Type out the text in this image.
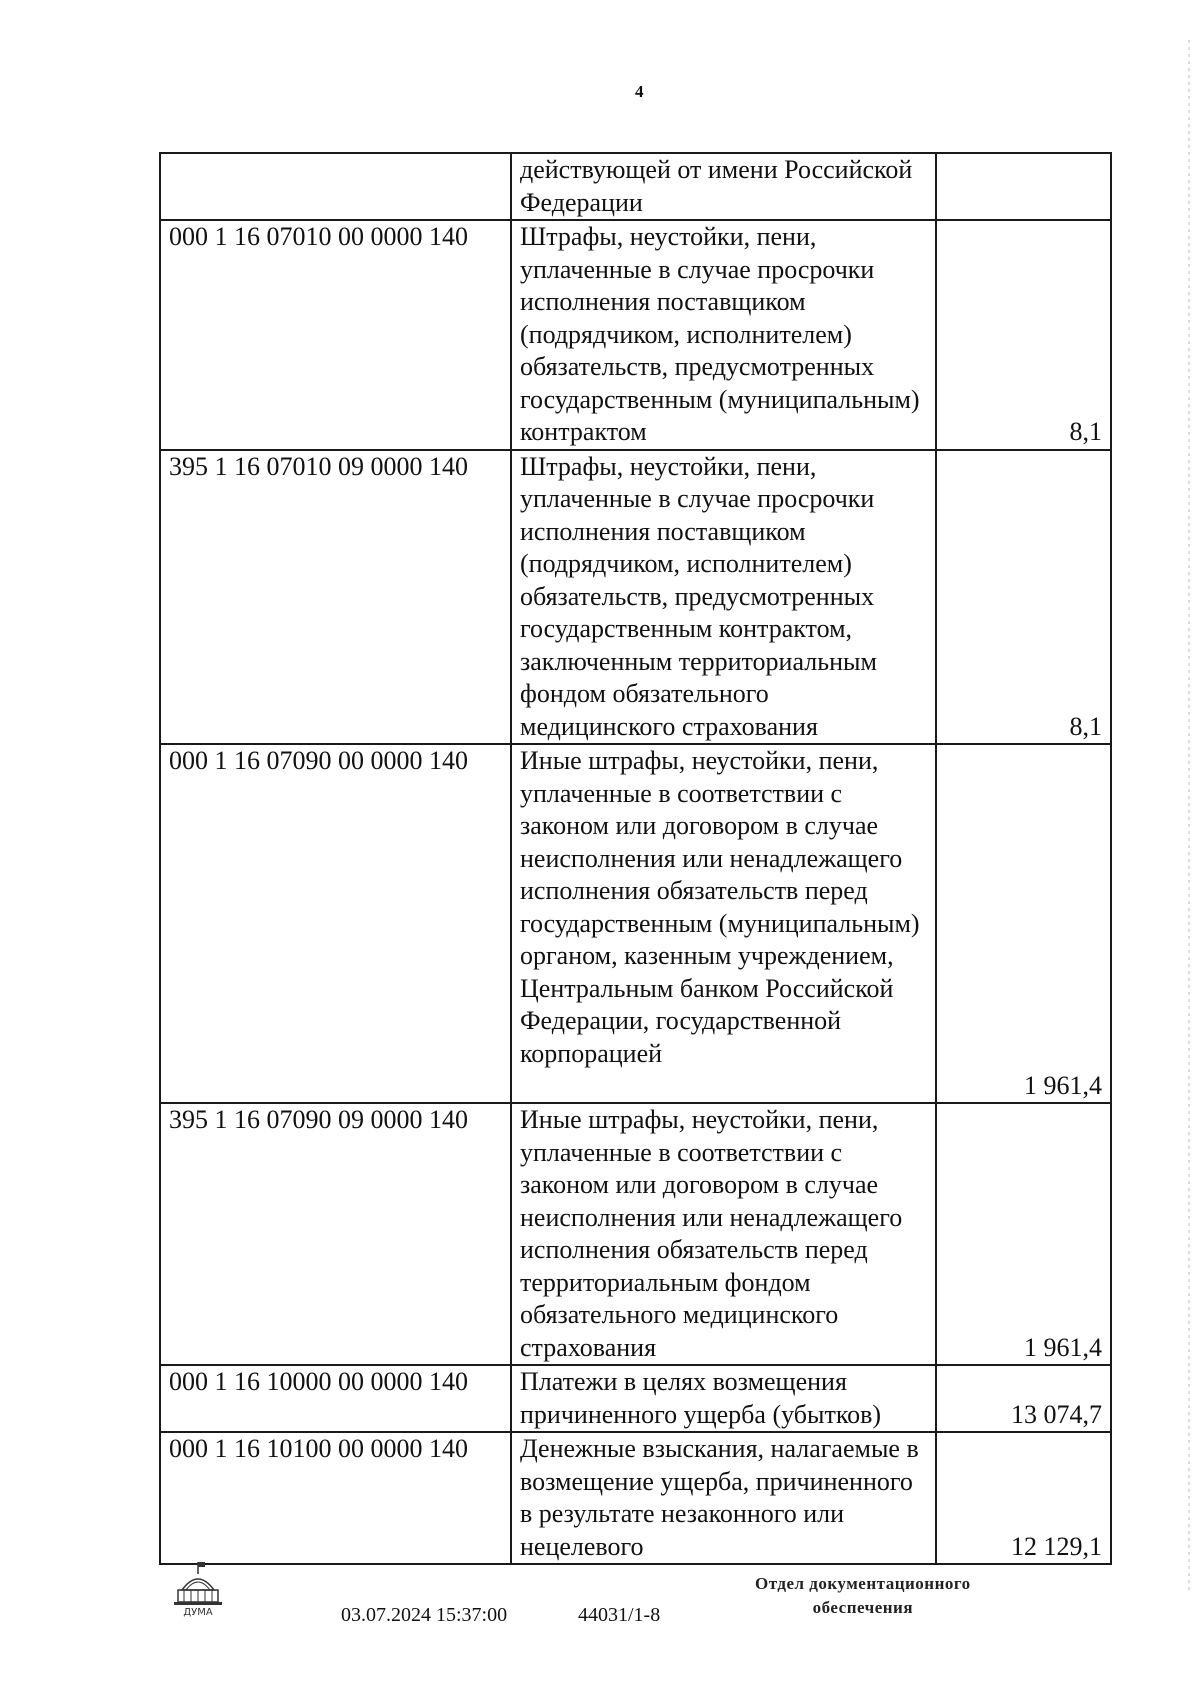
4
	действующей от имени Российской Федерации	
000 1 16 07010 00 0000 140	Штрафы, неустойки, пени, уплаченные в случае просрочки исполнения поставщиком (подрядчиком, исполнителем) обязательств, предусмотренных государственным (муниципальным) контрактом	8,1
395 1 16 07010 09 0000 140	Штрафы, неустойки, пени, уплаченные в случае просрочки исполнения поставщиком (подрядчиком, исполнителем) обязательств, предусмотренных государственным контрактом, заключенным территориальным фондом обязательного медицинского страхования	8,1
000 1 16 07090 00 0000 140	Иные штрафы, неустойки, пени, уплаченные в соответствии с законом или договором в случае неисполнения или ненадлежащего исполнения обязательств перед государственным (муниципальным) органом, казенным учреждением, Центральным банком Российской Федерации, государственной корпорацией	1 961,4
395 1 16 07090 09 0000 140	Иные штрафы, неустойки, пени, уплаченные в соответствии с законом или договором в случае неисполнения или ненадлежащего исполнения обязательств перед территориальным фондом обязательного медицинского страхования	1 961,4
000 1 16 10000 00 0000 140	Платежи в целях возмещения причиненного ущерба (убытков)	13 074,7
000 1 16 10100 00 0000 140	Денежные взыскания, налагаемые в возмещение ущерба, причиненного в результате незаконного или нецелевого	12 129,1
ДУМА	03.07.2024 15:37:00	44031/1-8
Отдел документационного
обеспечения
